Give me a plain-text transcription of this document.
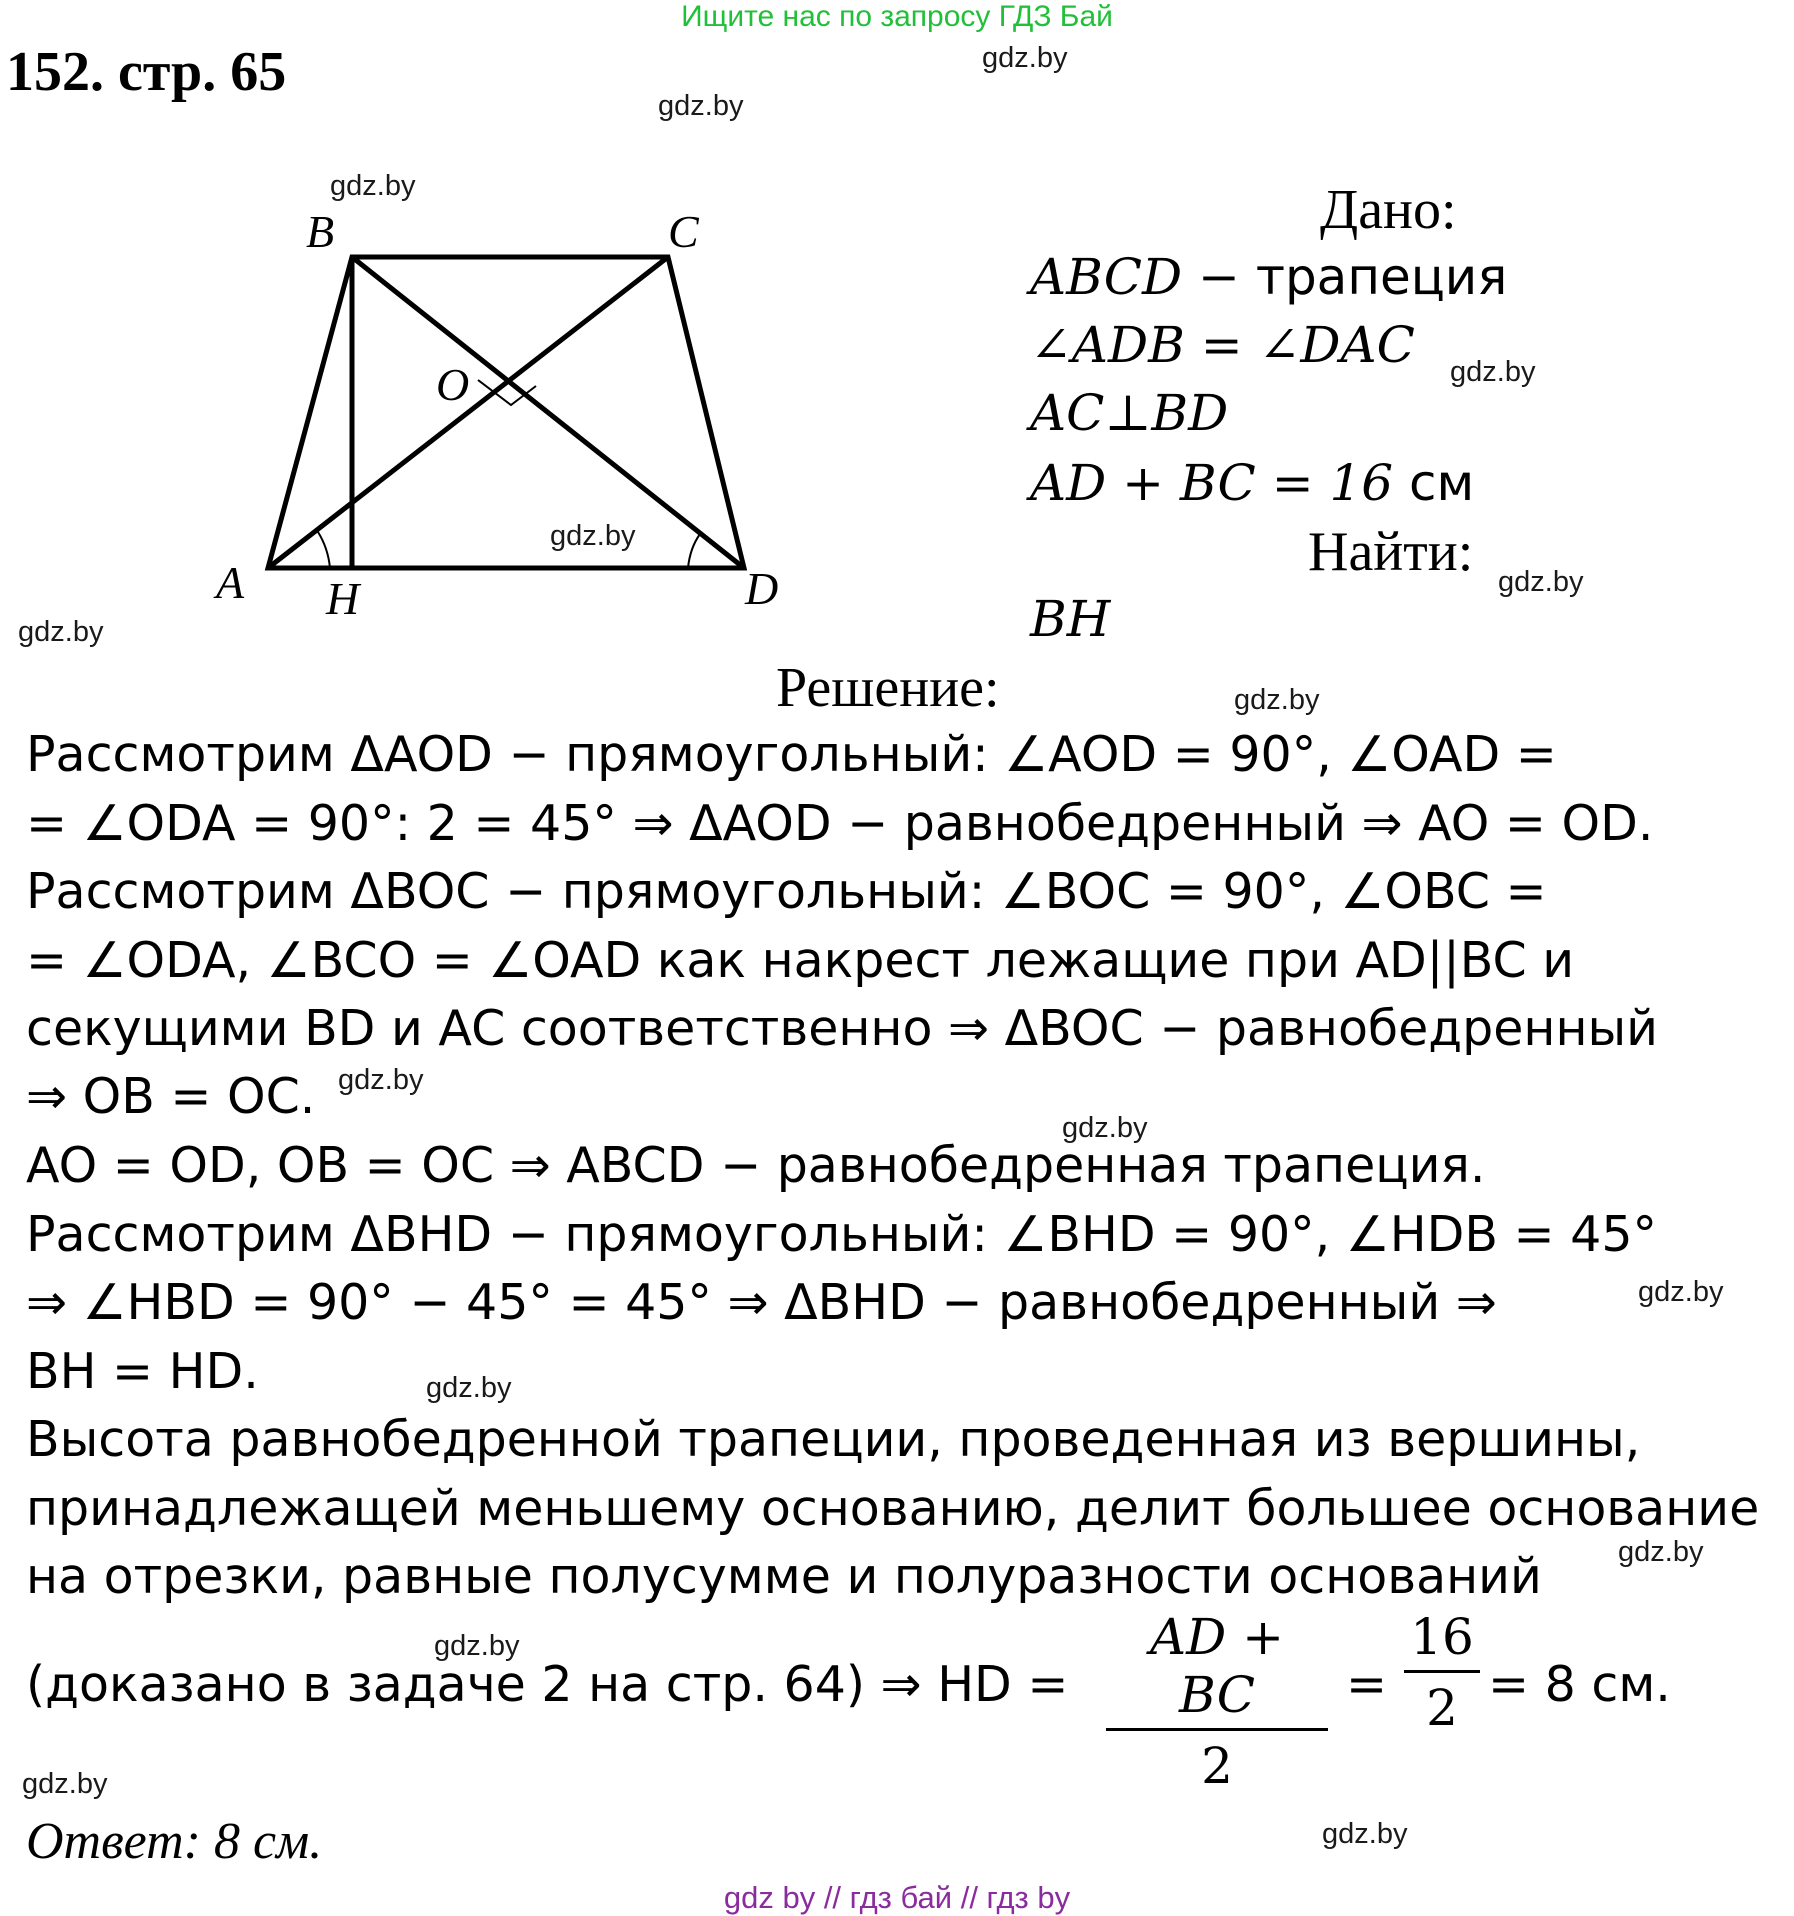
Ищите нас по запросу ГДЗ Бай
152. стр. 65
B	C
O
A H	D
Дано:
ABCD − трапеция
∠ADB = ∠DAC
AC⊥BD
AD + BC = 16 см
Найти:
BH
Решение:
Рассмотрим ΔAOD − прямоугольный: ∠AOD = 90°, ∠OAD =
= ∠ODA = 90°: 2 = 45° ⇒ ΔAOD − равнобедренный ⇒ AO = OD.
Рассмотрим ΔBOC − прямоугольный: ∠BOC = 90°, ∠OBC =
= ∠ODA, ∠BCO = ∠OAD как накрест лежащие при AD||BC и
секущими BD и AC соответственно ⇒ ΔBOC − равнобедренный
⇒ OB = OC.
AO = OD, OB = OC ⇒ ABCD − равнобедренная трапеция.
Рассмотрим ΔBHD − прямоугольный: ∠BHD = 90°, ∠HDB = 45°
⇒ ∠HBD = 90° − 45° = 45° ⇒ ΔBHD − равнобедренный ⇒
BH = HD.
Высота равнобедренной трапеции, проведенная из вершины,
принадлежащей меньшему основанию, делит большее основание
на отрезки, равные полусумме и полуразности оснований
(доказано в задаче 2 на стр. 64) ⇒ HD =
AD + BC
2
=
16
2 = 8 см.
Ответ: 8 см.
gdz.by
gdz.by
gdz.by
gdz.by
gdz.by
gdz.by
gdz.by
gdz.by
gdz.by
gdz.by
gdz.by
gdz.by
gdz.by
gdz.by
gdz.by
gdz.by
gdz by // гдз бай // гдз by
